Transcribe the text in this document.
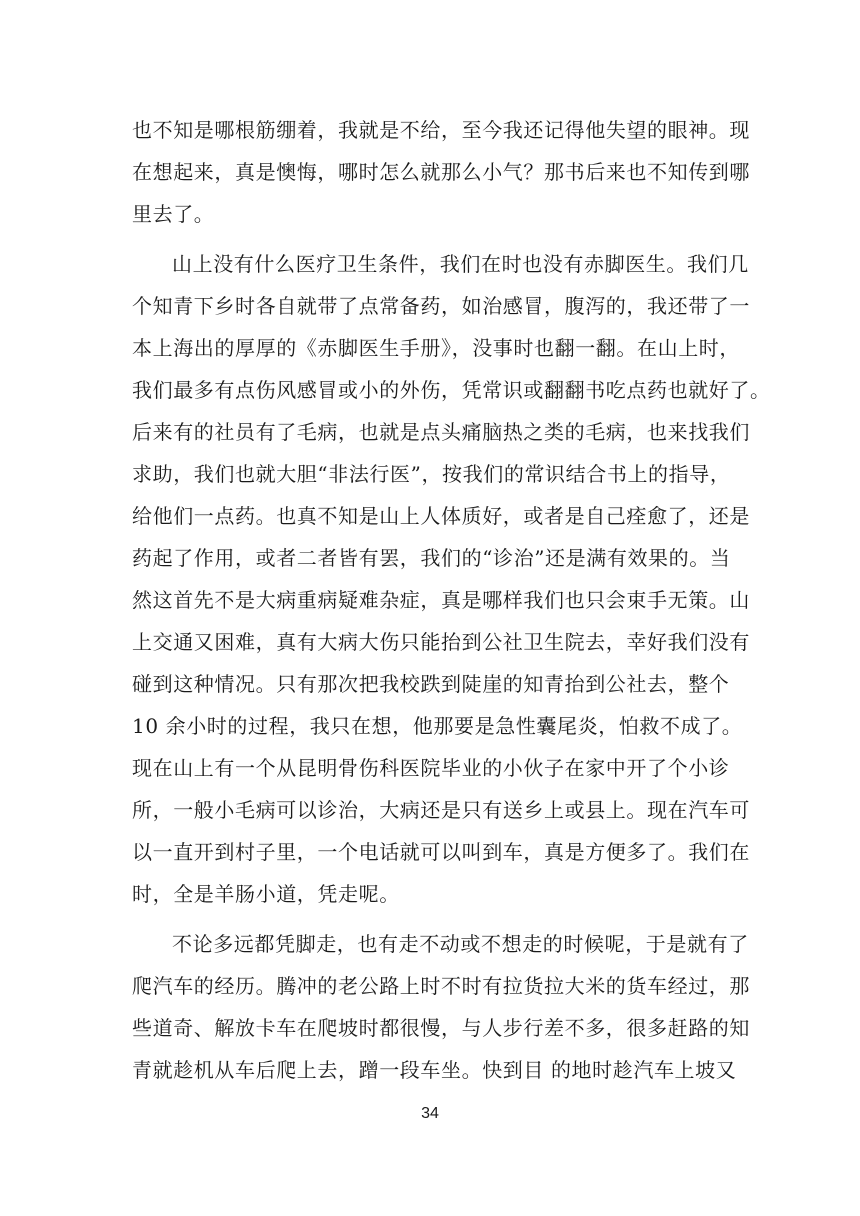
也不知是哪根筋绷着，我就是不给，至今我还记得他失望的眼神。现
在想起来，真是懊悔，哪时怎么就那么小气？那书后来也不知传到哪
里去了。
山上没有什么医疗卫生条件，我们在时也没有赤脚医生。我们几
个知青下乡时各自就带了点常备药，如治感冒，腹泻的，我还带了一
本上海出的厚厚的《赤脚医生手册》，没事时也翻一翻。在山上时，
我们最多有点伤风感冒或小的外伤，凭常识或翻翻书吃点药也就好了。
后来有的社员有了毛病，也就是点头痛脑热之类的毛病，也来找我们
求助，我们也就大胆“非法行医”，按我们的常识结合书上的指导，
给他们一点药。也真不知是山上人体质好，或者是自己痊愈了，还是
药起了作用，或者二者皆有罢，我们的“诊治”还是满有效果的。当
然这首先不是大病重病疑难杂症，真是哪样我们也只会束手无策。山
上交通又困难，真有大病大伤只能抬到公社卫生院去，幸好我们没有
碰到这种情况。只有那次把我校跌到陡崖的知青抬到公社去，整个
10 余小时的过程，我只在想，他那要是急性囊尾炎，怕救不成了。
现在山上有一个从昆明骨伤科医院毕业的小伙子在家中开了个小诊
所，一般小毛病可以诊治，大病还是只有送乡上或县上。现在汽车可
以一直开到村子里，一个电话就可以叫到车，真是方便多了。我们在
时，全是羊肠小道，凭走呢。
不论多远都凭脚走，也有走不动或不想走的时候呢，于是就有了
爬汽车的经历。腾冲的老公路上时不时有拉货拉大米的货车经过，那
些道奇、解放卡车在爬坡时都很慢，与人步行差不多，很多赶路的知
青就趁机从车后爬上去，蹭一段车坐。快到目 的地时趁汽车上坡又
34
